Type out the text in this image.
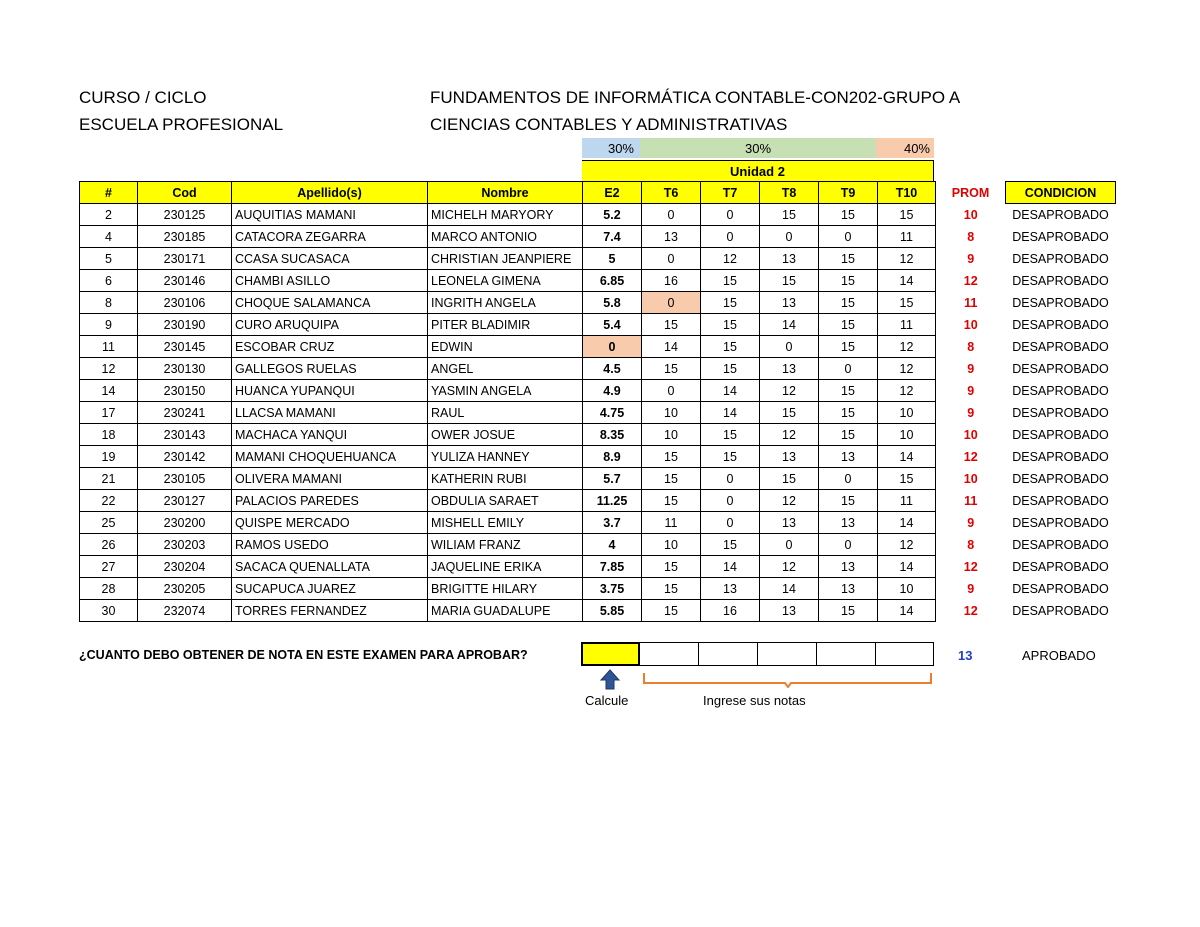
CURSO / CICLO
ESCUELA PROFESIONAL
FUNDAMENTOS DE INFORMÁTICA CONTABLE-CON202-GRUPO A
CIENCIAS CONTABLES Y ADMINISTRATIVAS
30%	30%	40%
Unidad 2
#	Cod	Apellido(s)	Nombre	E2	T6	T7	T8	T9	T10	PROM	CONDICION
2	230125	AUQUITIAS MAMANI	MICHELH MARYORY	5.2	0	0	15	15	15	10	DESAPROBADO
4	230185	CATACORA ZEGARRA	MARCO ANTONIO	7.4	13	0	0	0	11	8	DESAPROBADO
5	230171	CCASA SUCASACA	CHRISTIAN JEANPIERE	5	0	12	13	15	12	9	DESAPROBADO
6	230146	CHAMBI ASILLO	LEONELA GIMENA	6.85	16	15	15	15	14	12	DESAPROBADO
8	230106	CHOQUE SALAMANCA	INGRITH ANGELA	5.8	0	15	13	15	15	11	DESAPROBADO
9	230190	CURO ARUQUIPA	PITER BLADIMIR	5.4	15	15	14	15	11	10	DESAPROBADO
11	230145	ESCOBAR CRUZ	EDWIN	0	14	15	0	15	12	8	DESAPROBADO
12	230130	GALLEGOS RUELAS	ANGEL	4.5	15	15	13	0	12	9	DESAPROBADO
14	230150	HUANCA YUPANQUI	YASMIN ANGELA	4.9	0	14	12	15	12	9	DESAPROBADO
17	230241	LLACSA MAMANI	RAUL	4.75	10	14	15	15	10	9	DESAPROBADO
18	230143	MACHACA YANQUI	OWER JOSUE	8.35	10	15	12	15	10	10	DESAPROBADO
19	230142	MAMANI CHOQUEHUANCA	YULIZA HANNEY	8.9	15	15	13	13	14	12	DESAPROBADO
21	230105	OLIVERA MAMANI	KATHERIN RUBI	5.7	15	0	15	0	15	10	DESAPROBADO
22	230127	PALACIOS PAREDES	OBDULIA SARAET	11.25	15	0	12	15	11	11	DESAPROBADO
25	230200	QUISPE MERCADO	MISHELL EMILY	3.7	11	0	13	13	14	9	DESAPROBADO
26	230203	RAMOS USEDO	WILIAM FRANZ	4	10	15	0	0	12	8	DESAPROBADO
27	230204	SACACA QUENALLATA	JAQUELINE ERIKA	7.85	15	14	12	13	14	12	DESAPROBADO
28	230205	SUCAPUCA JUAREZ	BRIGITTE HILARY	3.75	15	13	14	13	10	9	DESAPROBADO
30	232074	TORRES FERNANDEZ	MARIA GUADALUPE	5.85	15	16	13	15	14	12	DESAPROBADO
¿CUANTO DEBO OBTENER DE NOTA EN ESTE EXAMEN PARA APROBAR?	13	APROBADO
Calcule	Ingrese sus notas
